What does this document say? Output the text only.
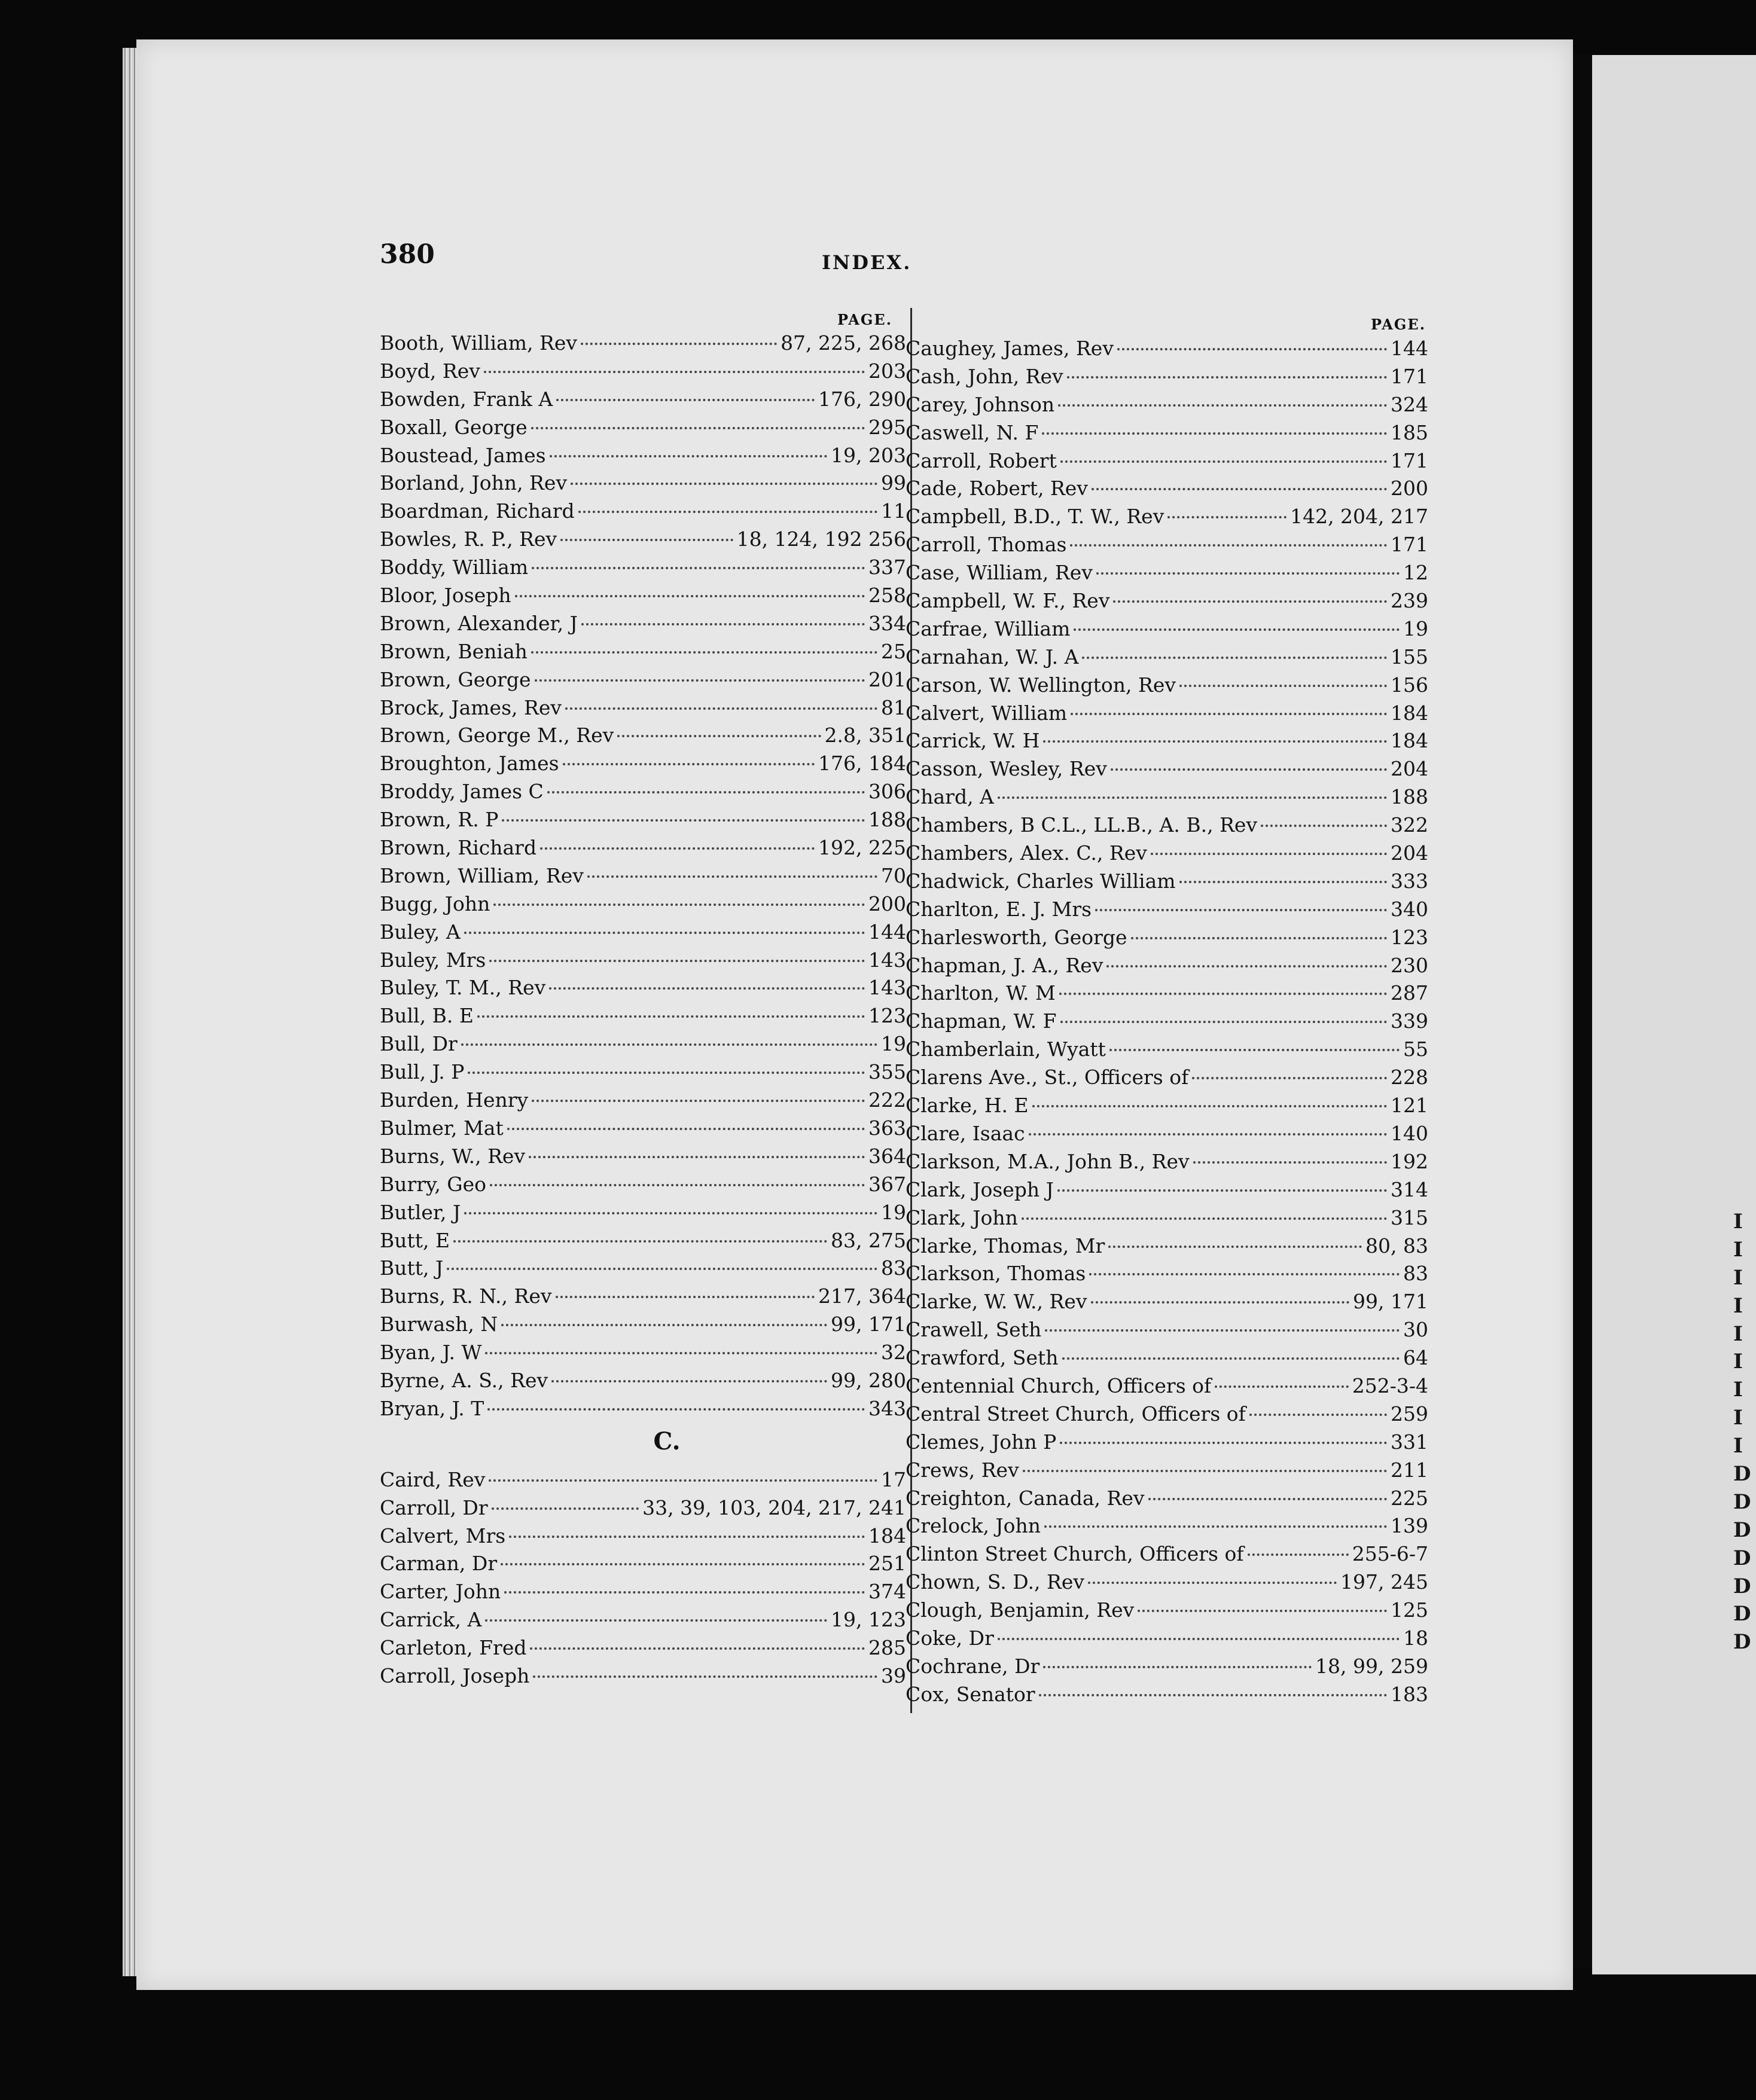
I
I
I
I
I
I
I
I
I
D
D
D
D
D
D
D
380	INDEX.
PAGE.	PAGE.
Booth, William, Rev	87, 225, 268
Boyd, Rev	203
Bowden, Frank A	176, 290
Boxall, George	295
Boustead, James	19, 203
Borland, John, Rev	99
Boardman, Richard	11
Bowles, R. P., Rev	18, 124, 192 256
Boddy, William	337
Bloor, Joseph	258
Brown, Alexander, J	334
Brown, Beniah	25
Brown, George	201
Brock, James, Rev	81
Brown, George M., Rev	2.8, 351
Broughton, James	176, 184
Broddy, James C	306
Brown, R. P	188
Brown, Richard	192, 225
Brown, William, Rev	70
Bugg, John	200
Buley, A	144
Buley, Mrs	143
Buley, T. M., Rev	143
Bull, B. E	123
Bull, Dr	19
Bull, J. P	355
Burden, Henry	222
Bulmer, Mat	363
Burns, W., Rev	364
Burry, Geo	367
Butler, J	19
Butt, E	83, 275
Butt, J	83
Burns, R. N., Rev	217, 364
Burwash, N	99, 171
Byan, J. W	32
Byrne, A. S., Rev	99, 280
Bryan, J. T	343
C.
Caird, Rev	17
Carroll, Dr	33, 39, 103, 204, 217, 241
Calvert, Mrs	184
Carman, Dr	251
Carter, John	374
Carrick, A	19, 123
Carleton, Fred	285
Carroll, Joseph	39
Caughey, James, Rev	144
Cash, John, Rev	171
Carey, Johnson	324
Caswell, N. F	185
Carroll, Robert	171
Cade, Robert, Rev	200
Campbell, B.D., T. W., Rev	142, 204, 217
Carroll, Thomas	171
Case, William, Rev	12
Campbell, W. F., Rev	239
Carfrae, William	19
Carnahan, W. J. A	155
Carson, W. Wellington, Rev	156
Calvert, William	184
Carrick, W. H	184
Casson, Wesley, Rev	204
Chard, A	188
Chambers, B C.L., LL.B., A. B., Rev	322
Chambers, Alex. C., Rev	204
Chadwick, Charles William	333
Charlton, E. J. Mrs	340
Charlesworth, George	123
Chapman, J. A., Rev	230
Charlton, W. M	287
Chapman, W. F	339
Chamberlain, Wyatt	55
Clarens Ave., St., Officers of	228
Clarke, H. E	121
Clare, Isaac	140
Clarkson, M.A., John B., Rev	192
Clark, Joseph J	314
Clark, John	315
Clarke, Thomas, Mr	80, 83
Clarkson, Thomas	83
Clarke, W. W., Rev	99, 171
Crawell, Seth	30
Crawford, Seth	64
Centennial Church, Officers of	252-3-4
Central Street Church, Officers of	259
Clemes, John P	331
Crews, Rev	211
Creighton, Canada, Rev	225
Crelock, John	139
Clinton Street Church, Officers of	255-6-7
Chown, S. D., Rev	197, 245
Clough, Benjamin, Rev	125
Coke, Dr	18
Cochrane, Dr	18, 99, 259
Cox, Senator	183
